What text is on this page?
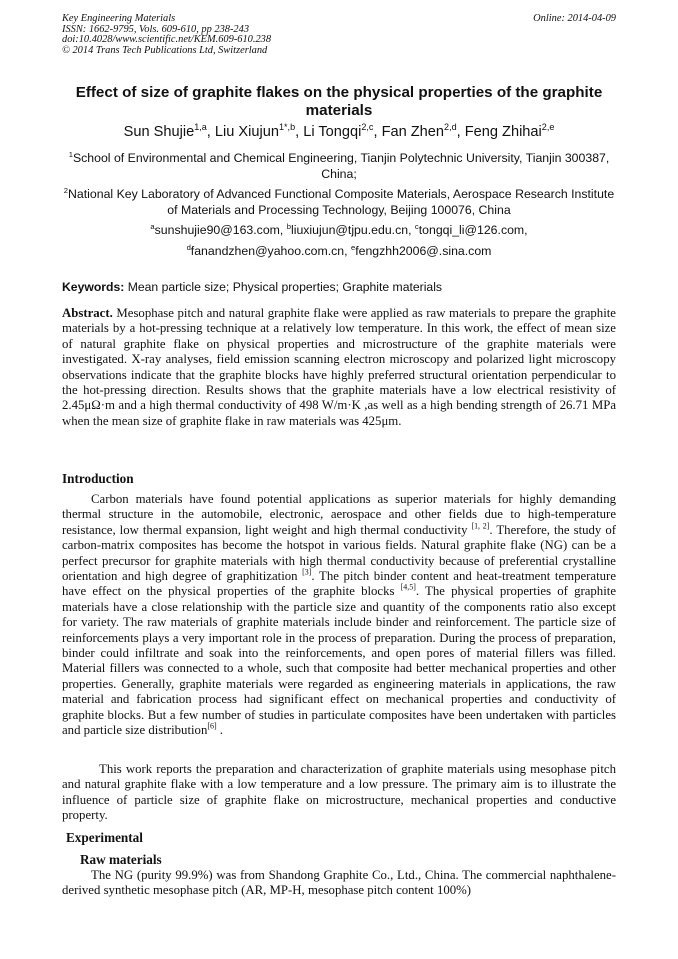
Key Engineering Materials
ISSN: 1662-9795, Vols. 609-610, pp 238-243
doi:10.4028/www.scientific.net/KEM.609-610.238
© 2014 Trans Tech Publications Ltd, Switzerland
Online: 2014-04-09
Effect of size of graphite flakes on the physical properties of the graphite materials
Sun Shujie$^{1,a}$, Liu Xiujun$^{1*,b}$, Li Tongqi$^{2,c}$, Fan Zhen$^{2,d}$, Feng Zhihai$^{2,e}$
$^1$School of Environmental and Chemical Engineering, Tianjin Polytechnic University, Tianjin 300387, China;
$^2$National Key Laboratory of Advanced Functional Composite Materials, Aerospace Research Institute of Materials and Processing Technology, Beijing 100076, China
$^a$sunshujie90@163.com, $^b$liuxiujun@tjpu.edu.cn, $^c$tongqi_li@126.com,
$^d$fanandzhen@yahoo.com.cn, $^e$fengzhh2006@.sina.com
Keywords: Mean particle size; Physical properties; Graphite materials
Abstract. Mesophase pitch and natural graphite flake were applied as raw materials to prepare the graphite materials by a hot-pressing technique at a relatively low temperature. In this work, the effect of mean size of natural graphite flake on physical properties and microstructure of the graphite materials were investigated. X-ray analyses, field emission scanning electron microscopy and polarized light microscopy observations indicate that the graphite blocks have highly preferred structural orientation perpendicular to the hot-pressing direction. Results shows that the graphite materials have a low electrical resistivity of 2.45μΩ·m and a high thermal conductivity of 498 W/m·K ,as well as a high bending strength of 26.71 MPa when the mean size of graphite flake in raw materials was 425μm.
Introduction
Carbon materials have found potential applications as superior materials for highly demanding thermal structure in the automobile, electronic, aerospace and other fields due to high-temperature resistance, low thermal expansion, light weight and high thermal conductivity [1, 2]. Therefore, the study of carbon-matrix composites has become the hotspot in various fields. Natural graphite flake (NG) can be a perfect precursor for graphite materials with high thermal conductivity because of preferential crystalline orientation and high degree of graphitization [3]. The pitch binder content and heat-treatment temperature have effect on the physical properties of the graphite blocks [4,5]. The physical properties of graphite materials have a close relationship with the particle size and quantity of the components ratio also except for variety. The raw materials of graphite materials include binder and reinforcement. The particle size of reinforcements plays a very important role in the process of preparation. During the process of preparation, binder could infiltrate and soak into the reinforcements, and open pores of material fillers was filled. Material fillers was connected to a whole, such that composite had better mechanical properties and other properties. Generally, graphite materials were regarded as engineering materials in applications, the raw material and fabrication process had significant effect on mechanical properties and conductivity of graphite blocks. But a few number of studies in particulate composites have been undertaken with particles and particle size distribution[6] .
This work reports the preparation and characterization of graphite materials using mesophase pitch and natural graphite flake with a low temperature and a low pressure. The primary aim is to illustrate the influence of particle size of graphite flake on microstructure, mechanical properties and conductive property.
Experimental
Raw materials
The NG (purity 99.9%) was from Shandong Graphite Co., Ltd., China. The commercial naphthalene-derived synthetic mesophase pitch (AR, MP-H, mesophase pitch content 100%)
